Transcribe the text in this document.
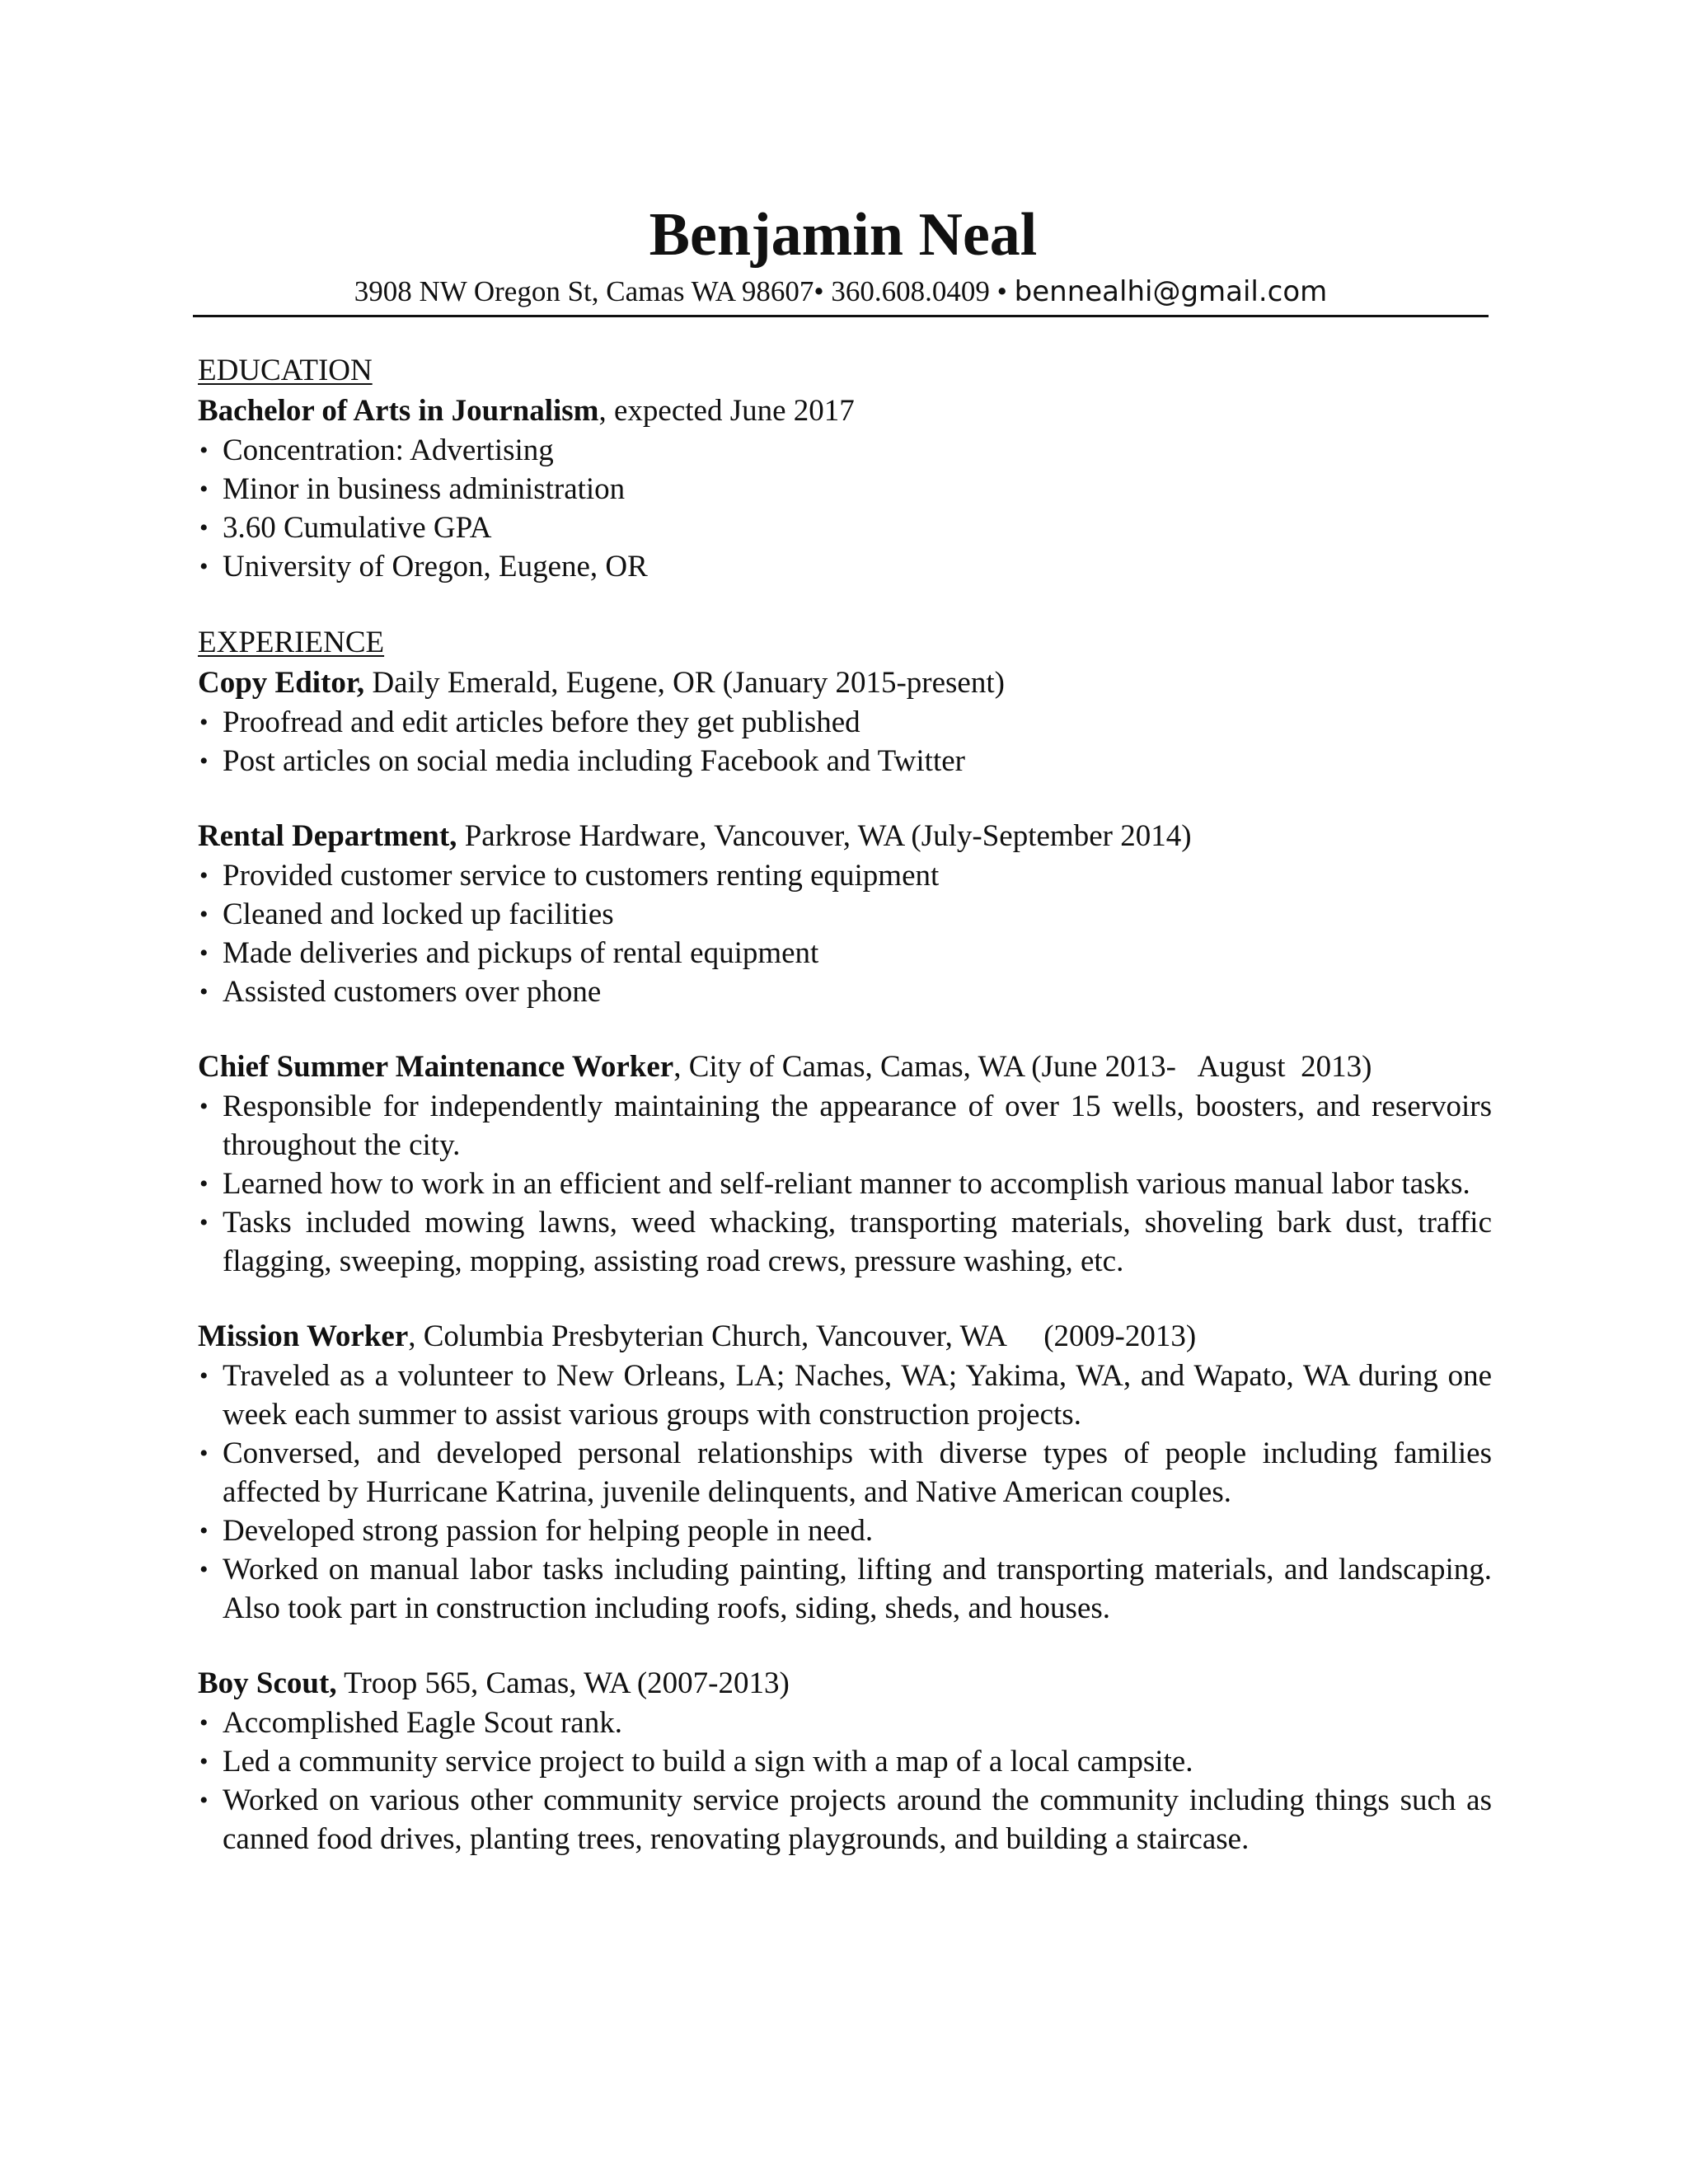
Benjamin Neal
3908 NW Oregon St, Camas WA 98607• 360.608.0409 • bennealhi@gmail.com
EDUCATION
Bachelor of Arts in Journalism, expected June 2017
• Concentration: Advertising
• Minor in business administration
• 3.60 Cumulative GPA
• University of Oregon, Eugene, OR
EXPERIENCE
Copy Editor, Daily Emerald, Eugene, OR (January 2015-present)
• Proofread and edit articles before they get published
• Post articles on social media including Facebook and Twitter
Rental Department, Parkrose Hardware, Vancouver, WA (July-September 2014)
• Provided customer service to customers renting equipment
• Cleaned and locked up facilities
• Made deliveries and pickups of rental equipment
• Assisted customers over phone
Chief Summer Maintenance Worker, City of Camas, Camas, WA (June 2013-   August  2013)
• Responsible for independently maintaining the appearance of over 15 wells, boosters, and reservoirs throughout the city.
• Learned how to work in an efficient and self-reliant manner to accomplish various manual labor tasks.
• Tasks included mowing lawns, weed whacking, transporting materials, shoveling bark dust, traffic flagging, sweeping, mopping, assisting road crews, pressure washing, etc.
Mission Worker, Columbia Presbyterian Church, Vancouver, WA     (2009-2013)
• Traveled as a volunteer to New Orleans, LA; Naches, WA; Yakima, WA, and Wapato, WA during one week each summer to assist various groups with construction projects.
• Conversed, and developed personal relationships with diverse types of people including families affected by Hurricane Katrina, juvenile delinquents, and Native American couples.
• Developed strong passion for helping people in need.
• Worked on manual labor tasks including painting, lifting and transporting materials, and landscaping. Also took part in construction including roofs, siding, sheds, and houses.
Boy Scout, Troop 565, Camas, WA (2007-2013)
• Accomplished Eagle Scout rank.
• Led a community service project to build a sign with a map of a local campsite.
• Worked on various other community service projects around the community including things such as canned food drives, planting trees, renovating playgrounds, and building a staircase.
